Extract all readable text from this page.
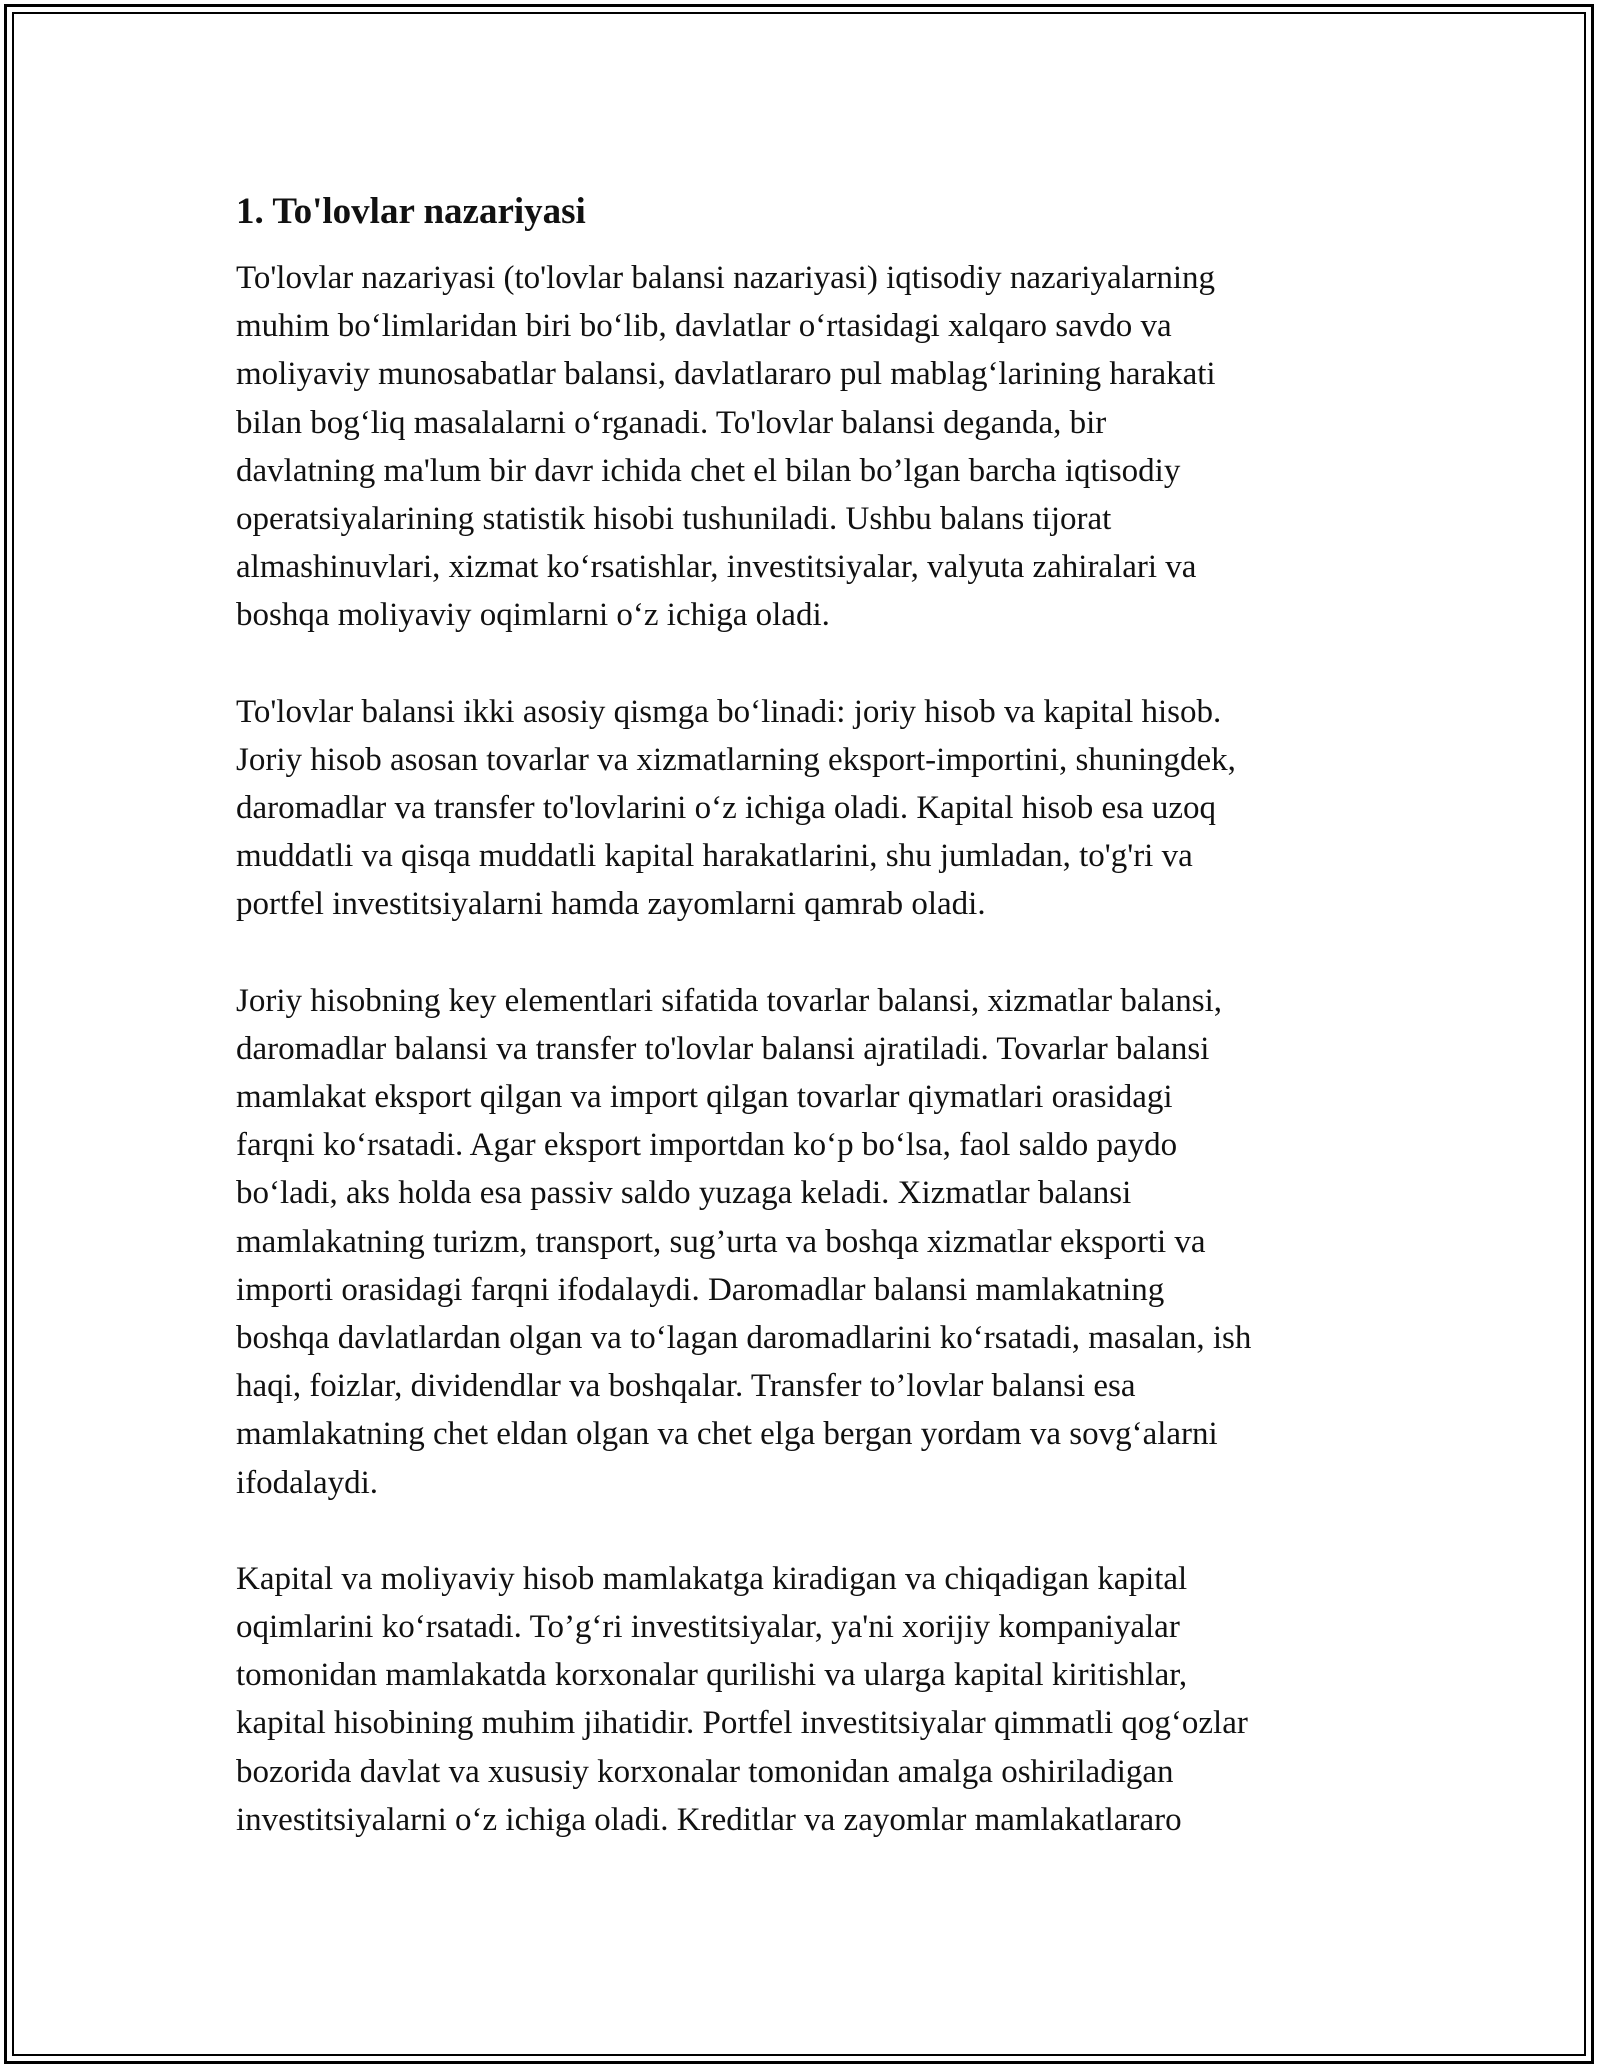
1. To'lovlar nazariyasi

To'lovlar nazariyasi (to'lovlar balansi nazariyasi) iqtisodiy nazariyalarning
muhim bo‘limlaridan biri bo‘lib, davlatlar o‘rtasidagi xalqaro savdo va
moliyaviy munosabatlar balansi, davlatlararo pul mablag‘larining harakati
bilan bog‘liq masalalarni o‘rganadi. To'lovlar balansi deganda, bir
davlatning ma'lum bir davr ichida chet el bilan bo’lgan barcha iqtisodiy
operatsiyalarining statistik hisobi tushuniladi. Ushbu balans tijorat
almashinuvlari, xizmat ko‘rsatishlar, investitsiyalar, valyuta zahiralari va
boshqa moliyaviy oqimlarni o‘z ichiga oladi.

To'lovlar balansi ikki asosiy qismga bo‘linadi: joriy hisob va kapital hisob.
Joriy hisob asosan tovarlar va xizmatlarning eksport-importini, shuningdek,
daromadlar va transfer to'lovlarini o‘z ichiga oladi. Kapital hisob esa uzoq
muddatli va qisqa muddatli kapital harakatlarini, shu jumladan, to'g'ri va
portfel investitsiyalarni hamda zayomlarni qamrab oladi.

Joriy hisobning key elementlari sifatida tovarlar balansi, xizmatlar balansi,
daromadlar balansi va transfer to'lovlar balansi ajratiladi. Tovarlar balansi
mamlakat eksport qilgan va import qilgan tovarlar qiymatlari orasidagi
farqni ko‘rsatadi. Agar eksport importdan ko‘p bo‘lsa, faol saldo paydo
bo‘ladi, aks holda esa passiv saldo yuzaga keladi. Xizmatlar balansi
mamlakatning turizm, transport, sug’urta va boshqa xizmatlar eksporti va
importi orasidagi farqni ifodalaydi. Daromadlar balansi mamlakatning
boshqa davlatlardan olgan va to‘lagan daromadlarini ko‘rsatadi, masalan, ish
haqi, foizlar, dividendlar va boshqalar. Transfer to’lovlar balansi esa
mamlakatning chet eldan olgan va chet elga bergan yordam va sovg‘alarni
ifodalaydi.

Kapital va moliyaviy hisob mamlakatga kiradigan va chiqadigan kapital
oqimlarini ko‘rsatadi. To’g‘ri investitsiyalar, ya'ni xorijiy kompaniyalar
tomonidan mamlakatda korxonalar qurilishi va ularga kapital kiritishlar,
kapital hisobining muhim jihatidir. Portfel investitsiyalar qimmatli qog‘ozlar
bozorida davlat va xususiy korxonalar tomonidan amalga oshiriladigan
investitsiyalarni o‘z ichiga oladi. Kreditlar va zayomlar mamlakatlararo
